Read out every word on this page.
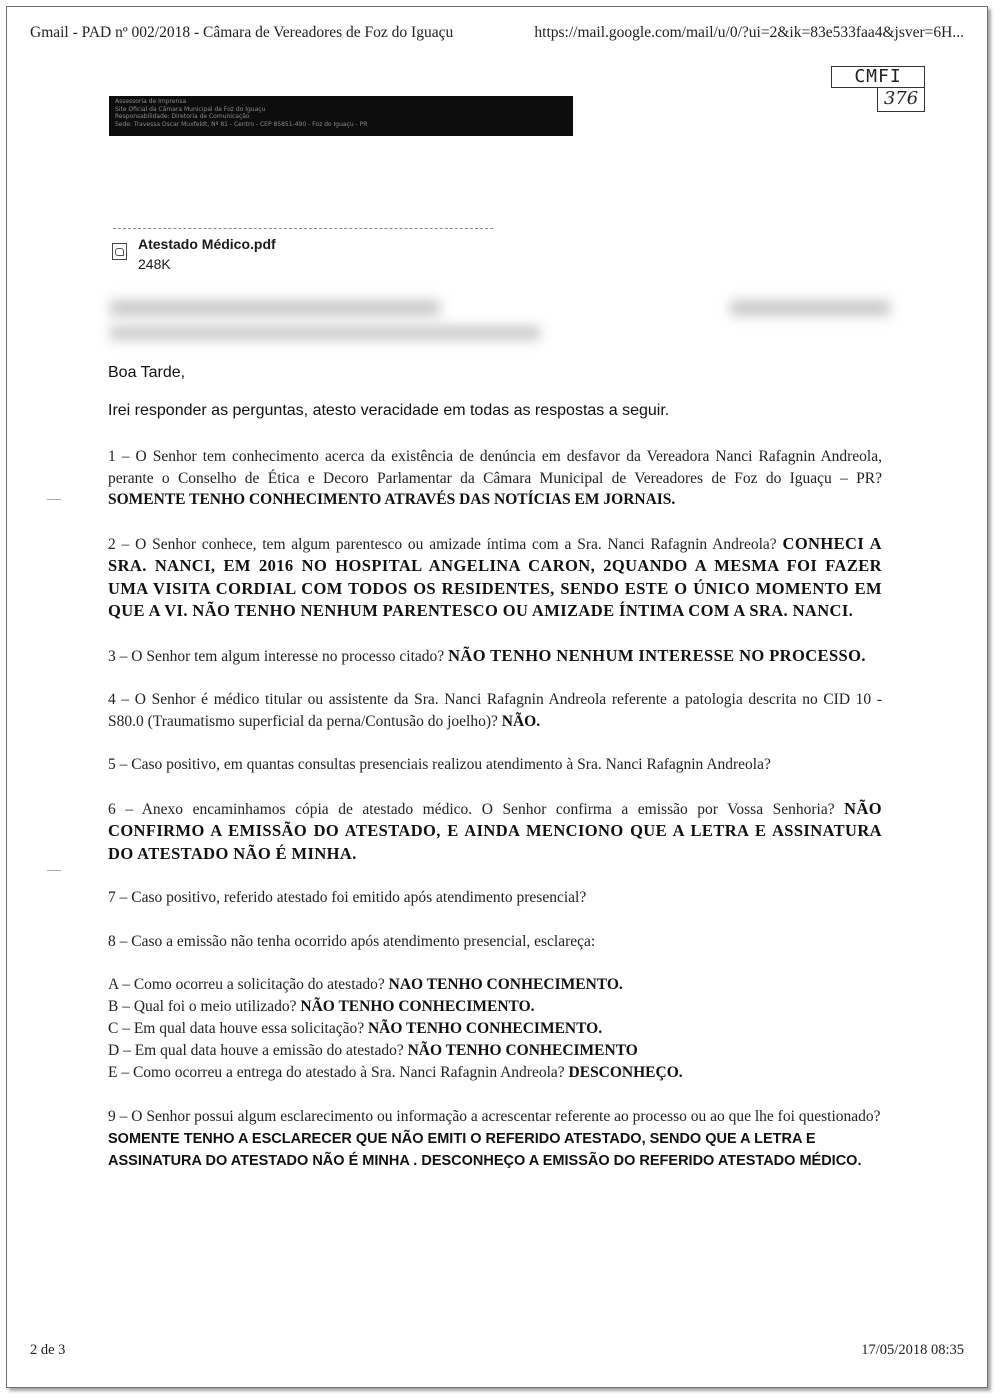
Gmail - PAD nº 002/2018 - Câmara de Vereadores de Foz do Iguaçu	https://mail.google.com/mail/u/0/?ui=2&ik=83e533faa4&jsver=6H...
CMFI
376
Assessoria de Imprensa
Site Oficial da Câmara Municipal de Foz do Iguaçu
Responsabilidade: Diretoria de Comunicação
Sede: Travessa Oscar Muxfeldt, Nº 81 - Centro - CEP 85851-490 - Foz do Iguaçu - PR
Atestado Médico.pdf
248K
Boa Tarde,
Irei responder as perguntas, atesto veracidade em todas as respostas a seguir.

1 – O Senhor tem conhecimento acerca da existência de denúncia em desfavor da Vereadora Nanci Rafagnin Andreola, perante o Conselho de Ética e Decoro Parlamentar da Câmara Municipal de Vereadores de Foz do Iguaçu – PR? SOMENTE TENHO CONHECIMENTO ATRAVÉS DAS NOTÍCIAS EM JORNAIS.

2 – O Senhor conhece, tem algum parentesco ou amizade íntima com a Sra. Nanci Rafagnin Andreola? CONHECI A SRA. NANCI, EM 2016 NO HOSPITAL ANGELINA CARON, 2QUANDO A MESMA FOI FAZER UMA VISITA CORDIAL COM TODOS OS RESIDENTES, SENDO ESTE O ÚNICO MOMENTO EM QUE A VI. NÃO TENHO NENHUM PARENTESCO OU AMIZADE ÍNTIMA COM A SRA. NANCI.

3 – O Senhor tem algum interesse no processo citado? NÃO TENHO NENHUM INTERESSE NO PROCESSO.

4 – O Senhor é médico titular ou assistente da Sra. Nanci Rafagnin Andreola referente a patologia descrita no CID 10 - S80.0 (Traumatismo superficial da perna/Contusão do joelho)? NÃO.

5 – Caso positivo, em quantas consultas presenciais realizou atendimento à Sra. Nanci Rafagnin Andreola?

6 – Anexo encaminhamos cópia de atestado médico. O Senhor confirma a emissão por Vossa Senhoria? NÃO CONFIRMO A EMISSÃO DO ATESTADO, E AINDA MENCIONO QUE A LETRA E ASSINATURA DO ATESTADO NÃO É MINHA.

7 – Caso positivo, referido atestado foi emitido após atendimento presencial?

8 – Caso a emissão não tenha ocorrido após atendimento presencial, esclareça:

A – Como ocorreu a solicitação do atestado? NAO TENHO CONHECIMENTO.

B – Qual foi o meio utilizado? NÃO TENHO CONHECIMENTO.

C – Em qual data houve essa solicitação? NÃO TENHO CONHECIMENTO.

D – Em qual data houve a emissão do atestado? NÃO TENHO CONHECIMENTO

E – Como ocorreu a entrega do atestado à Sra. Nanci Rafagnin Andreola? DESCONHEÇO.

9 – O Senhor possui algum esclarecimento ou informação a acrescentar referente ao processo ou ao que lhe foi questionado?

SOMENTE TENHO A ESCLARECER QUE NÃO EMITI O REFERIDO ATESTADO, SENDO QUE A LETRA E ASSINATURA DO ATESTADO NÃO É MINHA . DESCONHEÇO A EMISSÃO DO REFERIDO ATESTADO MÉDICO.

2 de 3	17/05/2018 08:35
